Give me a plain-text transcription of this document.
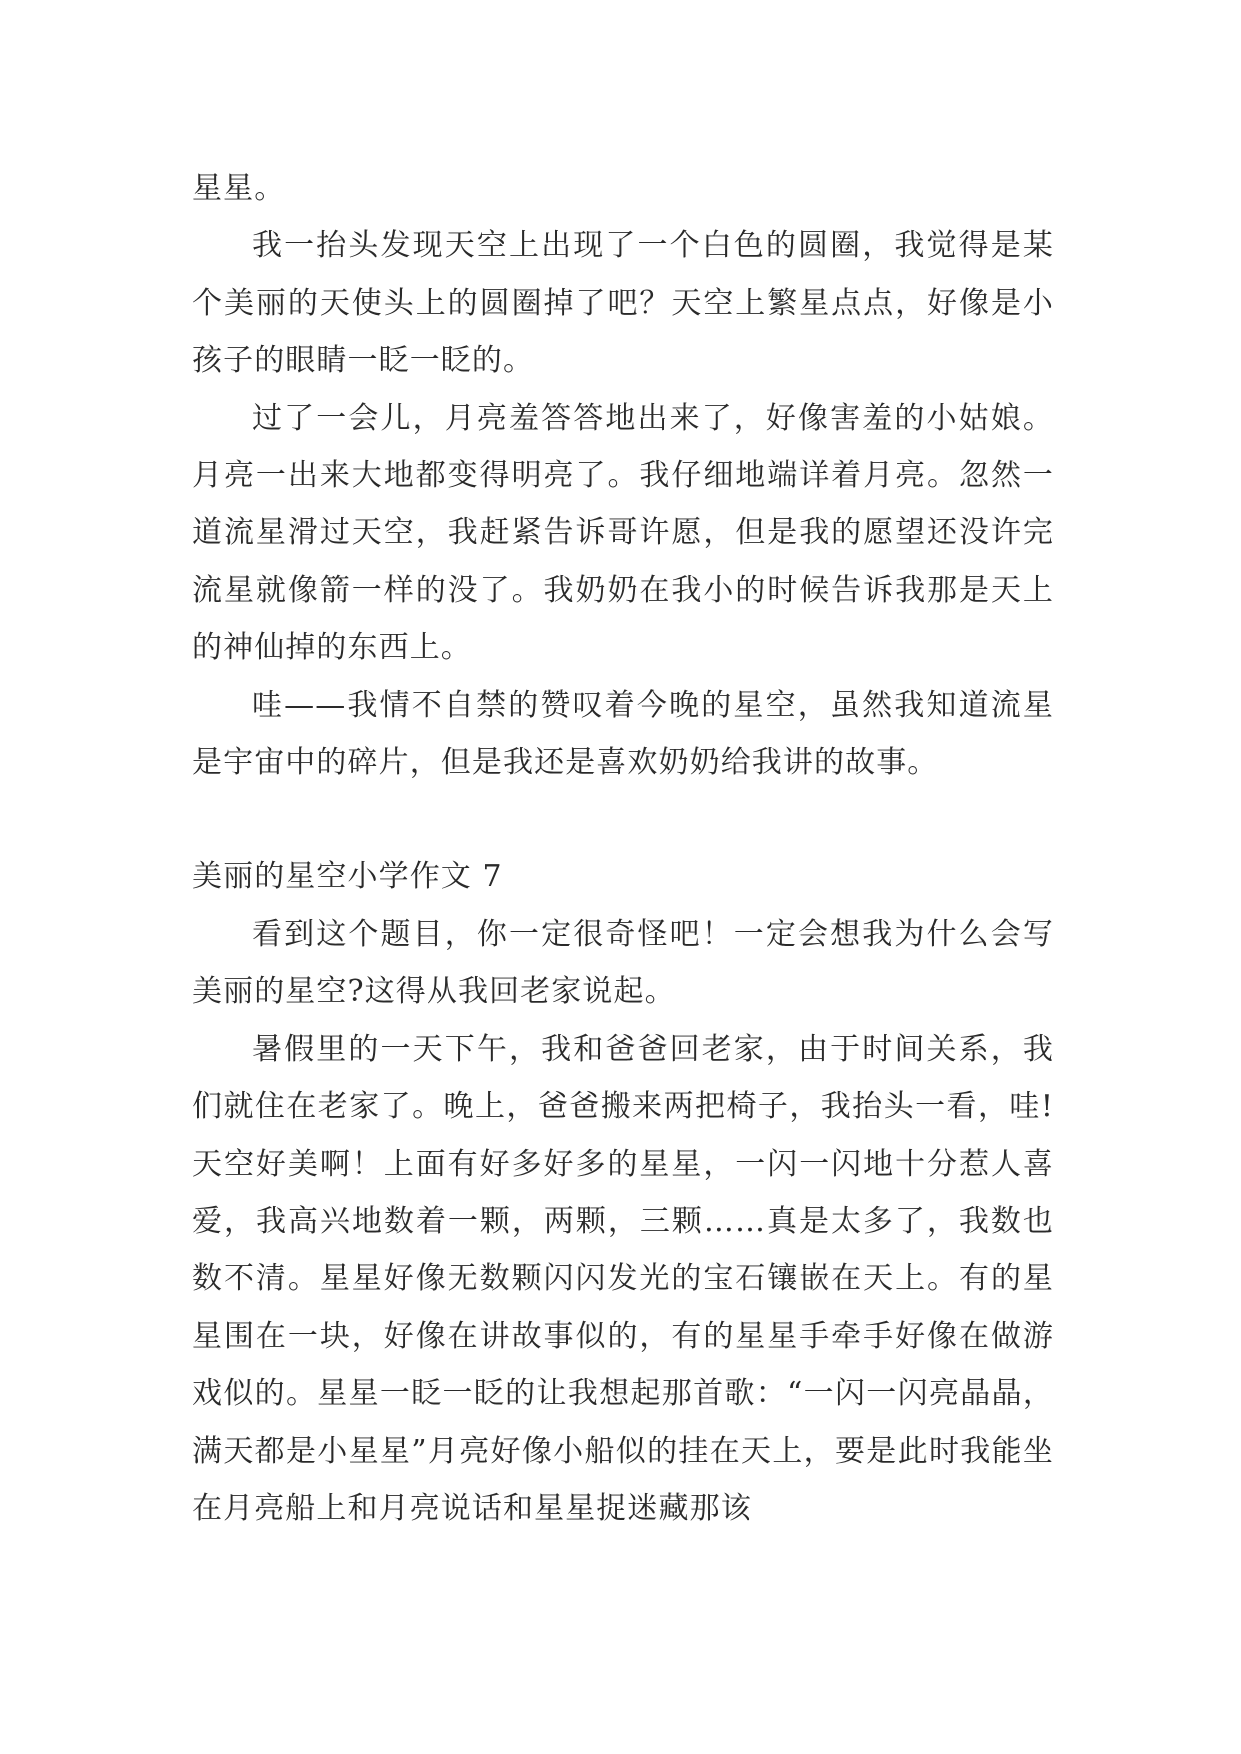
星星。

我一抬头发现天空上出现了一个白色的圆圈，我觉得是某个美丽的天使头上的圆圈掉了吧？天空上繁星点点，好像是小孩子的眼睛一眨一眨的。

过了一会儿，月亮羞答答地出来了，好像害羞的小姑娘。月亮一出来大地都变得明亮了。我仔细地端详着月亮。忽然一道流星滑过天空，我赶紧告诉哥许愿，但是我的愿望还没许完流星就像箭一样的没了。我奶奶在我小的时候告诉我那是天上的神仙掉的东西上。

哇——我情不自禁的赞叹着今晚的星空，虽然我知道流星是宇宙中的碎片，但是我还是喜欢奶奶给我讲的故事。

美丽的星空小学作文 7

看到这个题目，你一定很奇怪吧！一定会想我为什么会写美丽的星空?这得从我回老家说起。

暑假里的一天下午，我和爸爸回老家，由于时间关系，我们就住在老家了。晚上，爸爸搬来两把椅子，我抬头一看，哇!天空好美啊！上面有好多好多的星星，一闪一闪地十分惹人喜爱，我高兴地数着一颗，两颗，三颗……真是太多了，我数也数不清。星星好像无数颗闪闪发光的宝石镶嵌在天上。有的星星围在一块，好像在讲故事似的，有的星星手牵手好像在做游戏似的。星星一眨一眨的让我想起那首歌：“一闪一闪亮晶晶，满天都是小星星”月亮好像小船似的挂在天上，要是此时我能坐在月亮船上和月亮说话和星星捉迷藏那该
